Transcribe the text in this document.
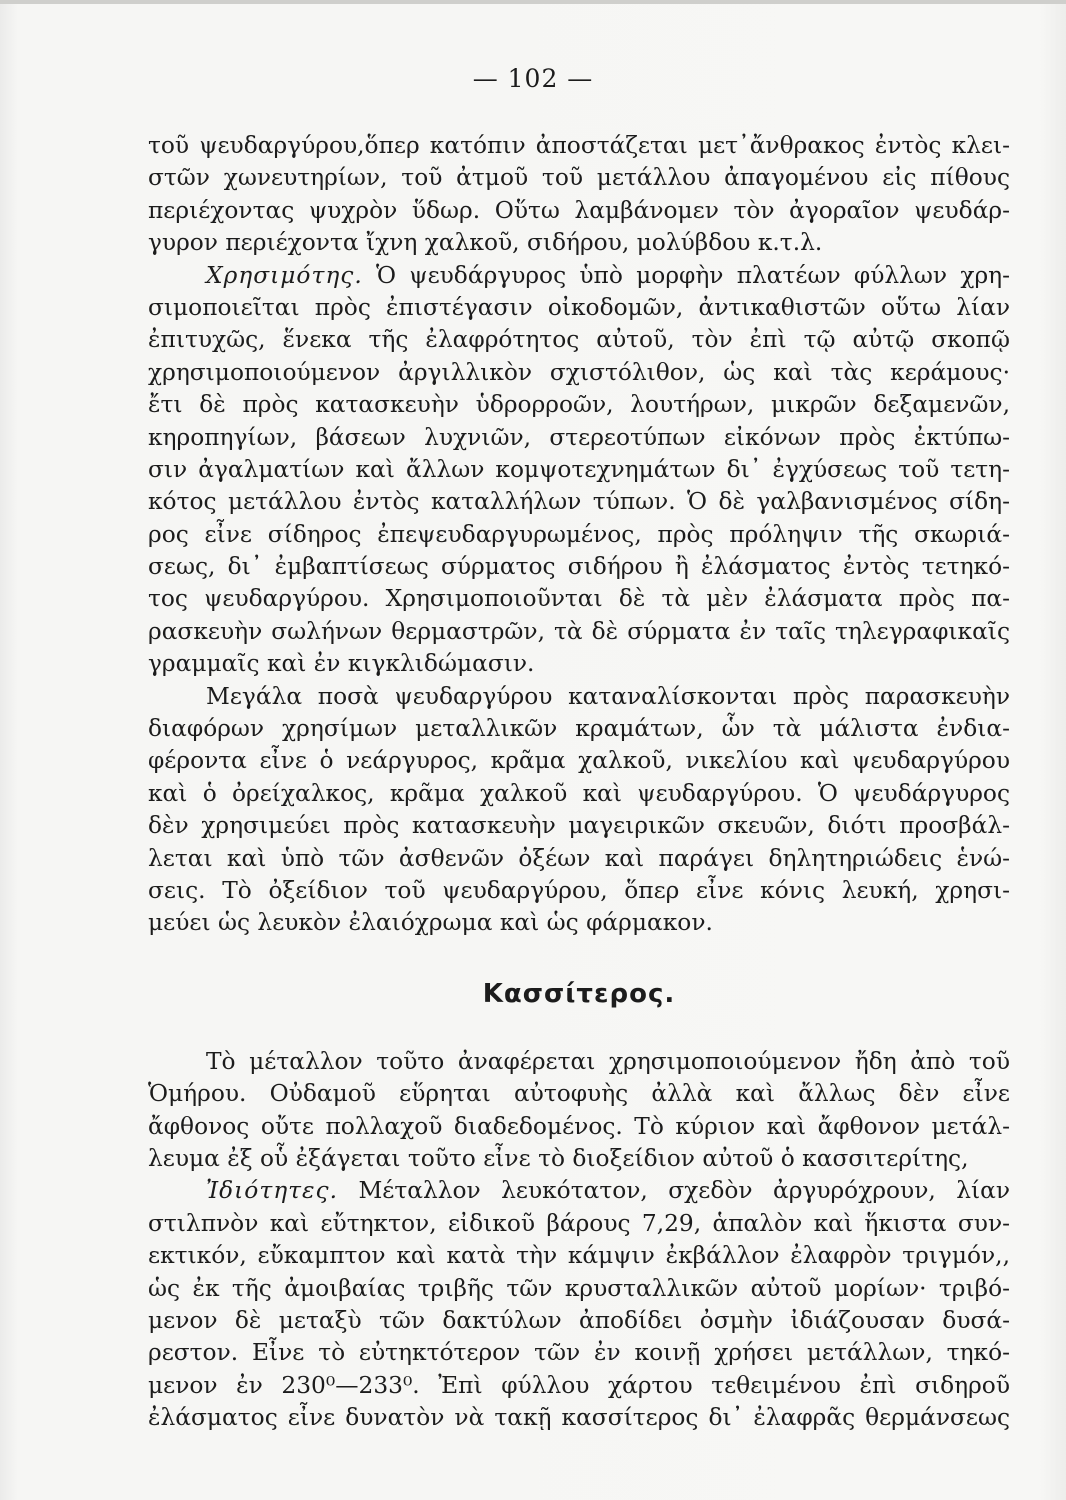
— 102 —
τοῦ ψευδαργύρου,ὅπερ κατόπιν ἀποστάζεται μετ᾽ἄνθρακος ἐντὸς κλει-
στῶν χωνευτηρίων, τοῦ ἀτμοῦ τοῦ μετάλλου ἀπαγομένου εἰς πίθους
περιέχοντας ψυχρὸν ὕδωρ. Οὕτω λαμβάνομεν τὸν ἀγοραῖον ψευδάρ-
γυρον περιέχοντα ἴχνη χαλκοῦ, σιδήρου, μολύβδου κ.τ.λ.
Χρησιμότης. Ὁ ψευδάργυρος ὑπὸ μορφὴν πλατέων φύλλων χρη-
σιμοποιεῖται πρὸς ἐπιστέγασιν οἰκοδομῶν, ἀντικαθιστῶν οὕτω λίαν
ἐπιτυχῶς, ἕνεκα τῆς ἐλαφρότητος αὐτοῦ, τὸν ἐπὶ τῷ αὐτῷ σκοπῷ
χρησιμοποιούμενον ἀργιλλικὸν σχιστόλιθον, ὡς καὶ τὰς κεράμους·
ἔτι δὲ πρὸς κατασκευὴν ὑδρορροῶν, λουτήρων, μικρῶν δεξαμενῶν,
κηροπηγίων, βάσεων λυχνιῶν, στερεοτύπων εἰκόνων πρὸς ἐκτύπω-
σιν ἀγαλματίων καὶ ἄλλων κομψοτεχνημάτων δι᾽ ἐγχύσεως τοῦ τετη-
κότος μετάλλου ἐντὸς καταλλήλων τύπων. Ὁ δὲ γαλβανισμένος σίδη-
ρος εἶνε σίδηρος ἐπεψευδαργυρωμένος, πρὸς πρόληψιν τῆς σκωριά-
σεως, δι᾽ ἐμβαπτίσεως σύρματος σιδήρου ἢ ἐλάσματος ἐντὸς τετηκό-
τος ψευδαργύρου. Χρησιμοποιοῦνται δὲ τὰ μὲν ἐλάσματα πρὸς πα-
ρασκευὴν σωλήνων θερμαστρῶν, τὰ δὲ σύρματα ἐν ταῖς τηλεγραφικαῖς
γραμμαῖς καὶ ἐν κιγκλιδώμασιν.
Μεγάλα ποσὰ ψευδαργύρου καταναλίσκονται πρὸς παρασκευὴν
διαφόρων χρησίμων μεταλλικῶν κραμάτων, ὧν τὰ μάλιστα ἐνδια-
φέροντα εἶνε ὁ νεάργυρος, κρᾶμα χαλκοῦ, νικελίου καὶ ψευδαργύρου
καὶ ὁ ὀρείχαλκος, κρᾶμα χαλκοῦ καὶ ψευδαργύρου. Ὁ ψευδάργυρος
δὲν χρησιμεύει πρὸς κατασκευὴν μαγειρικῶν σκευῶν, διότι προσβάλ-
λεται καὶ ὑπὸ τῶν ἀσθενῶν ὀξέων καὶ παράγει δηλητηριώδεις ἑνώ-
σεις. Τὸ ὀξείδιον τοῦ ψευδαργύρου, ὅπερ εἶνε κόνις λευκή, χρησι-
μεύει ὡς λευκὸν ἐλαιόχρωμα καὶ ὡς φάρμακον.
Κασσίτερος.
Τὸ μέταλλον τοῦτο ἀναφέρεται χρησιμοποιούμενον ἤδη ἀπὸ τοῦ
Ὁμήρου. Οὐδαμοῦ εὕρηται αὐτοφυὴς ἀλλὰ καὶ ἄλλως δὲν εἶνε
ἄφθονος οὔτε πολλαχοῦ διαδεδομένος. Τὸ κύριον καὶ ἄφθονον μετάλ-
λευμα ἐξ οὗ ἐξάγεται τοῦτο εἶνε τὸ διοξείδιον αὐτοῦ ὁ κασσιτερίτης,
Ἰδιότητες. Μέταλλον λευκότατον, σχεδὸν ἀργυρόχρουν, λίαν
στιλπνὸν καὶ εὔτηκτον, εἰδικοῦ βάρους 7,29, ἁπαλὸν καὶ ἥκιστα συν-
εκτικόν, εὔκαμπτον καὶ κατὰ τὴν κάμψιν ἐκβάλλον ἐλαφρὸν τριγμόν,,
ὡς ἐκ τῆς ἀμοιβαίας τριβῆς τῶν κρυσταλλικῶν αὐτοῦ μορίων· τριβό-
μενον δὲ μεταξὺ τῶν δακτύλων ἀποδίδει ὀσμὴν ἰδιάζουσαν δυσά-
ρεστον. Εἶνε τὸ εὐτηκτότερον τῶν ἐν κοινῇ χρήσει μετάλλων, τηκό-
μενον ἐν 230⁰—233⁰. Ἐπὶ φύλλου χάρτου τεθειμένου ἐπὶ σιδηροῦ
ἐλάσματος εἶνε δυνατὸν νὰ τακῇ κασσίτερος δι᾽ ἐλαφρᾶς θερμάνσεως
